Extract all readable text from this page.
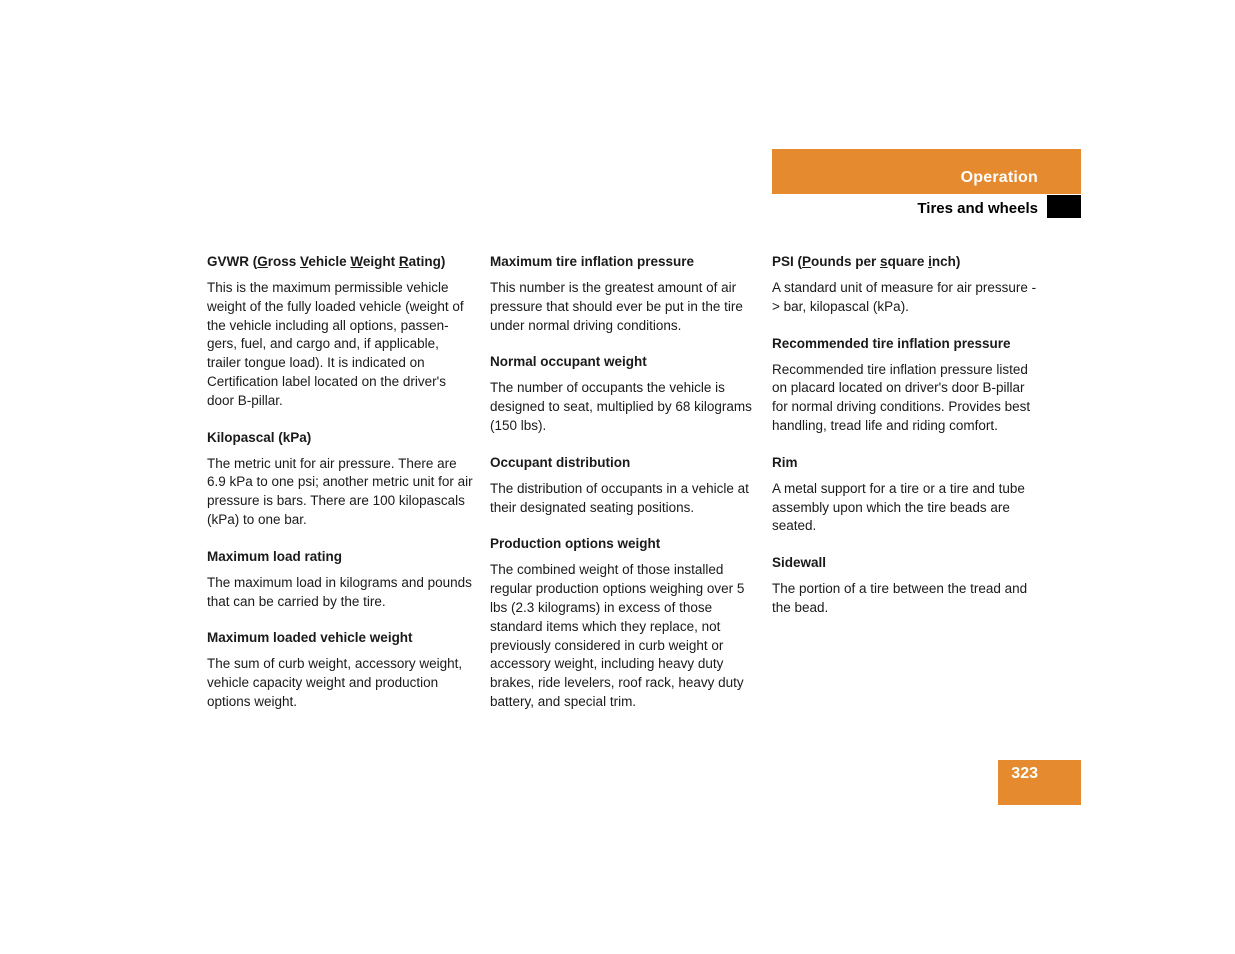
Operation
Tires and wheels

GVWR (Gross Vehicle Weight Rating)

This is the maximum permissible vehicle weight of the fully loaded vehicle (weight of the vehicle including all options, passen-gers, fuel, and cargo and, if applicable, trailer tongue load). It is indicated on Certification label located on the driver's door B-pillar.

Kilopascal (kPa)

The metric unit for air pressure. There are 6.9 kPa to one psi; another metric unit for air pressure is bars. There are 100 kilopascals (kPa) to one bar.

Maximum load rating

The maximum load in kilograms and pounds that can be carried by the tire.

Maximum loaded vehicle weight

The sum of curb weight, accessory weight, vehicle capacity weight and production options weight.

Maximum tire inflation pressure

This number is the greatest amount of air pressure that should ever be put in the tire under normal driving conditions.

Normal occupant weight

The number of occupants the vehicle is designed to seat, multiplied by 68 kilograms (150 lbs).

Occupant distribution

The distribution of occupants in a vehicle at their designated seating positions.

Production options weight

The combined weight of those installed regular production options weighing over 5 lbs (2.3 kilograms) in excess of those standard items which they replace, not previously considered in curb weight or accessory weight, including heavy duty brakes, ride levelers, roof rack, heavy duty battery, and special trim.

PSI (Pounds per square inch)

A standard unit of measure for air pressure -> bar, kilopascal (kPa).

Recommended tire inflation pressure

Recommended tire inflation pressure listed on placard located on driver's door B-pillar for normal driving conditions. Provides best handling, tread life and riding comfort.

Rim

A metal support for a tire or a tire and tube assembly upon which the tire beads are seated.

Sidewall

The portion of a tire between the tread and the bead.

323
